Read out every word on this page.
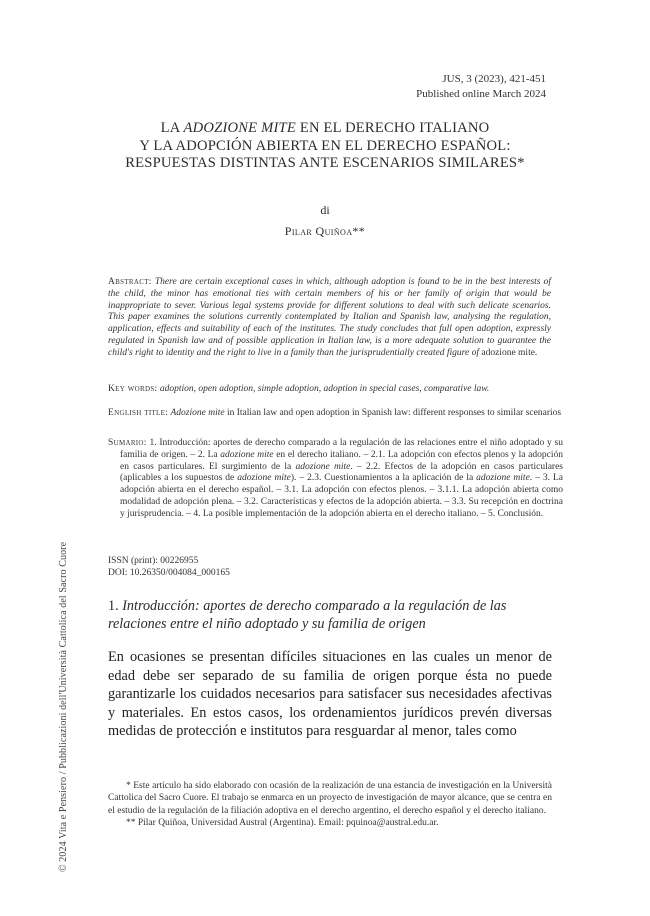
JUS, 3 (2023), 421-451
Published online March 2024
LA ADOZIONE MITE EN EL DERECHO ITALIANO
Y LA ADOPCIÓN ABIERTA EN EL DERECHO ESPAÑOL:
RESPUESTAS DISTINTAS ANTE ESCENARIOS SIMILARES*
di
Pilar Quiñoa**
Abstract: There are certain exceptional cases in which, although adoption is found to be in the best interests of the child, the minor has emotional ties with certain members of his or her family of origin that would be inappropriate to sever. Various legal systems provide for different solutions to deal with such delicate scenarios. This paper examines the solutions currently contemplated by Italian and Spanish law, analysing the regulation, application, effects and suitability of each of the institutes. The study concludes that full open adoption, expressly regulated in Spanish law and of possible application in Italian law, is a more adequate solution to guarantee the child's right to identity and the right to live in a family than the jurisprudentially created figure of adozione mite.
Key words: adoption, open adoption, simple adoption, adoption in special cases, comparative law.
English title: Adozione mite in Italian law and open adoption in Spanish law: different responses to similar scenarios
Sumario: 1. Introducción: aportes de derecho comparado a la regulación de las relaciones entre el niño adoptado y su familia de origen. – 2. La adozione mite en el derecho italiano. – 2.1. La adopción con efectos plenos y la adopción en casos particulares. El surgimiento de la adozione mite. – 2.2. Efectos de la adopción en casos particulares (aplicables a los supuestos de adozione mite). – 2.3. Cuestionamientos a la aplicación de la adozione mite. – 3. La adopción abierta en el derecho español. – 3.1. La adopción con efectos plenos. – 3.1.1. La adopción abierta como modalidad de adopción plena. – 3.2. Características y efectos de la adopción abierta. – 3.3. Su recepción en doctrina y jurisprudencia. – 4. La posible implementación de la adopción abierta en el derecho italiano. – 5. Conclusión.
ISSN (print): 00226955
DOI: 10.26350/004084_000165
1. Introducción: aportes de derecho comparado a la regulación de las relaciones entre el niño adoptado y su familia de origen
En ocasiones se presentan difíciles situaciones en las cuales un menor de edad debe ser separado de su familia de origen porque ésta no puede garantizarle los cuidados necesarios para satisfacer sus necesidades afectivas y materiales. En estos casos, los ordenamientos jurídicos prevén diversas medidas de protección e institutos para resguardar al menor, tales como

* Este artículo ha sido elaborado con ocasión de la realización de una estancia de investigación en la Università Cattolica del Sacro Cuore. El trabajo se enmarca en un proyecto de investigación de mayor alcance, que se centra en el estudio de la regulación de la filiación adoptiva en el derecho argentino, el derecho español y el derecho italiano.

** Pilar Quiñoa, Universidad Austral (Argentina). Email: pquinoa@austral.edu.ar.

© 2024 Vita e Pensiero / Pubblicazioni dell'Università Cattolica del Sacro Cuore
